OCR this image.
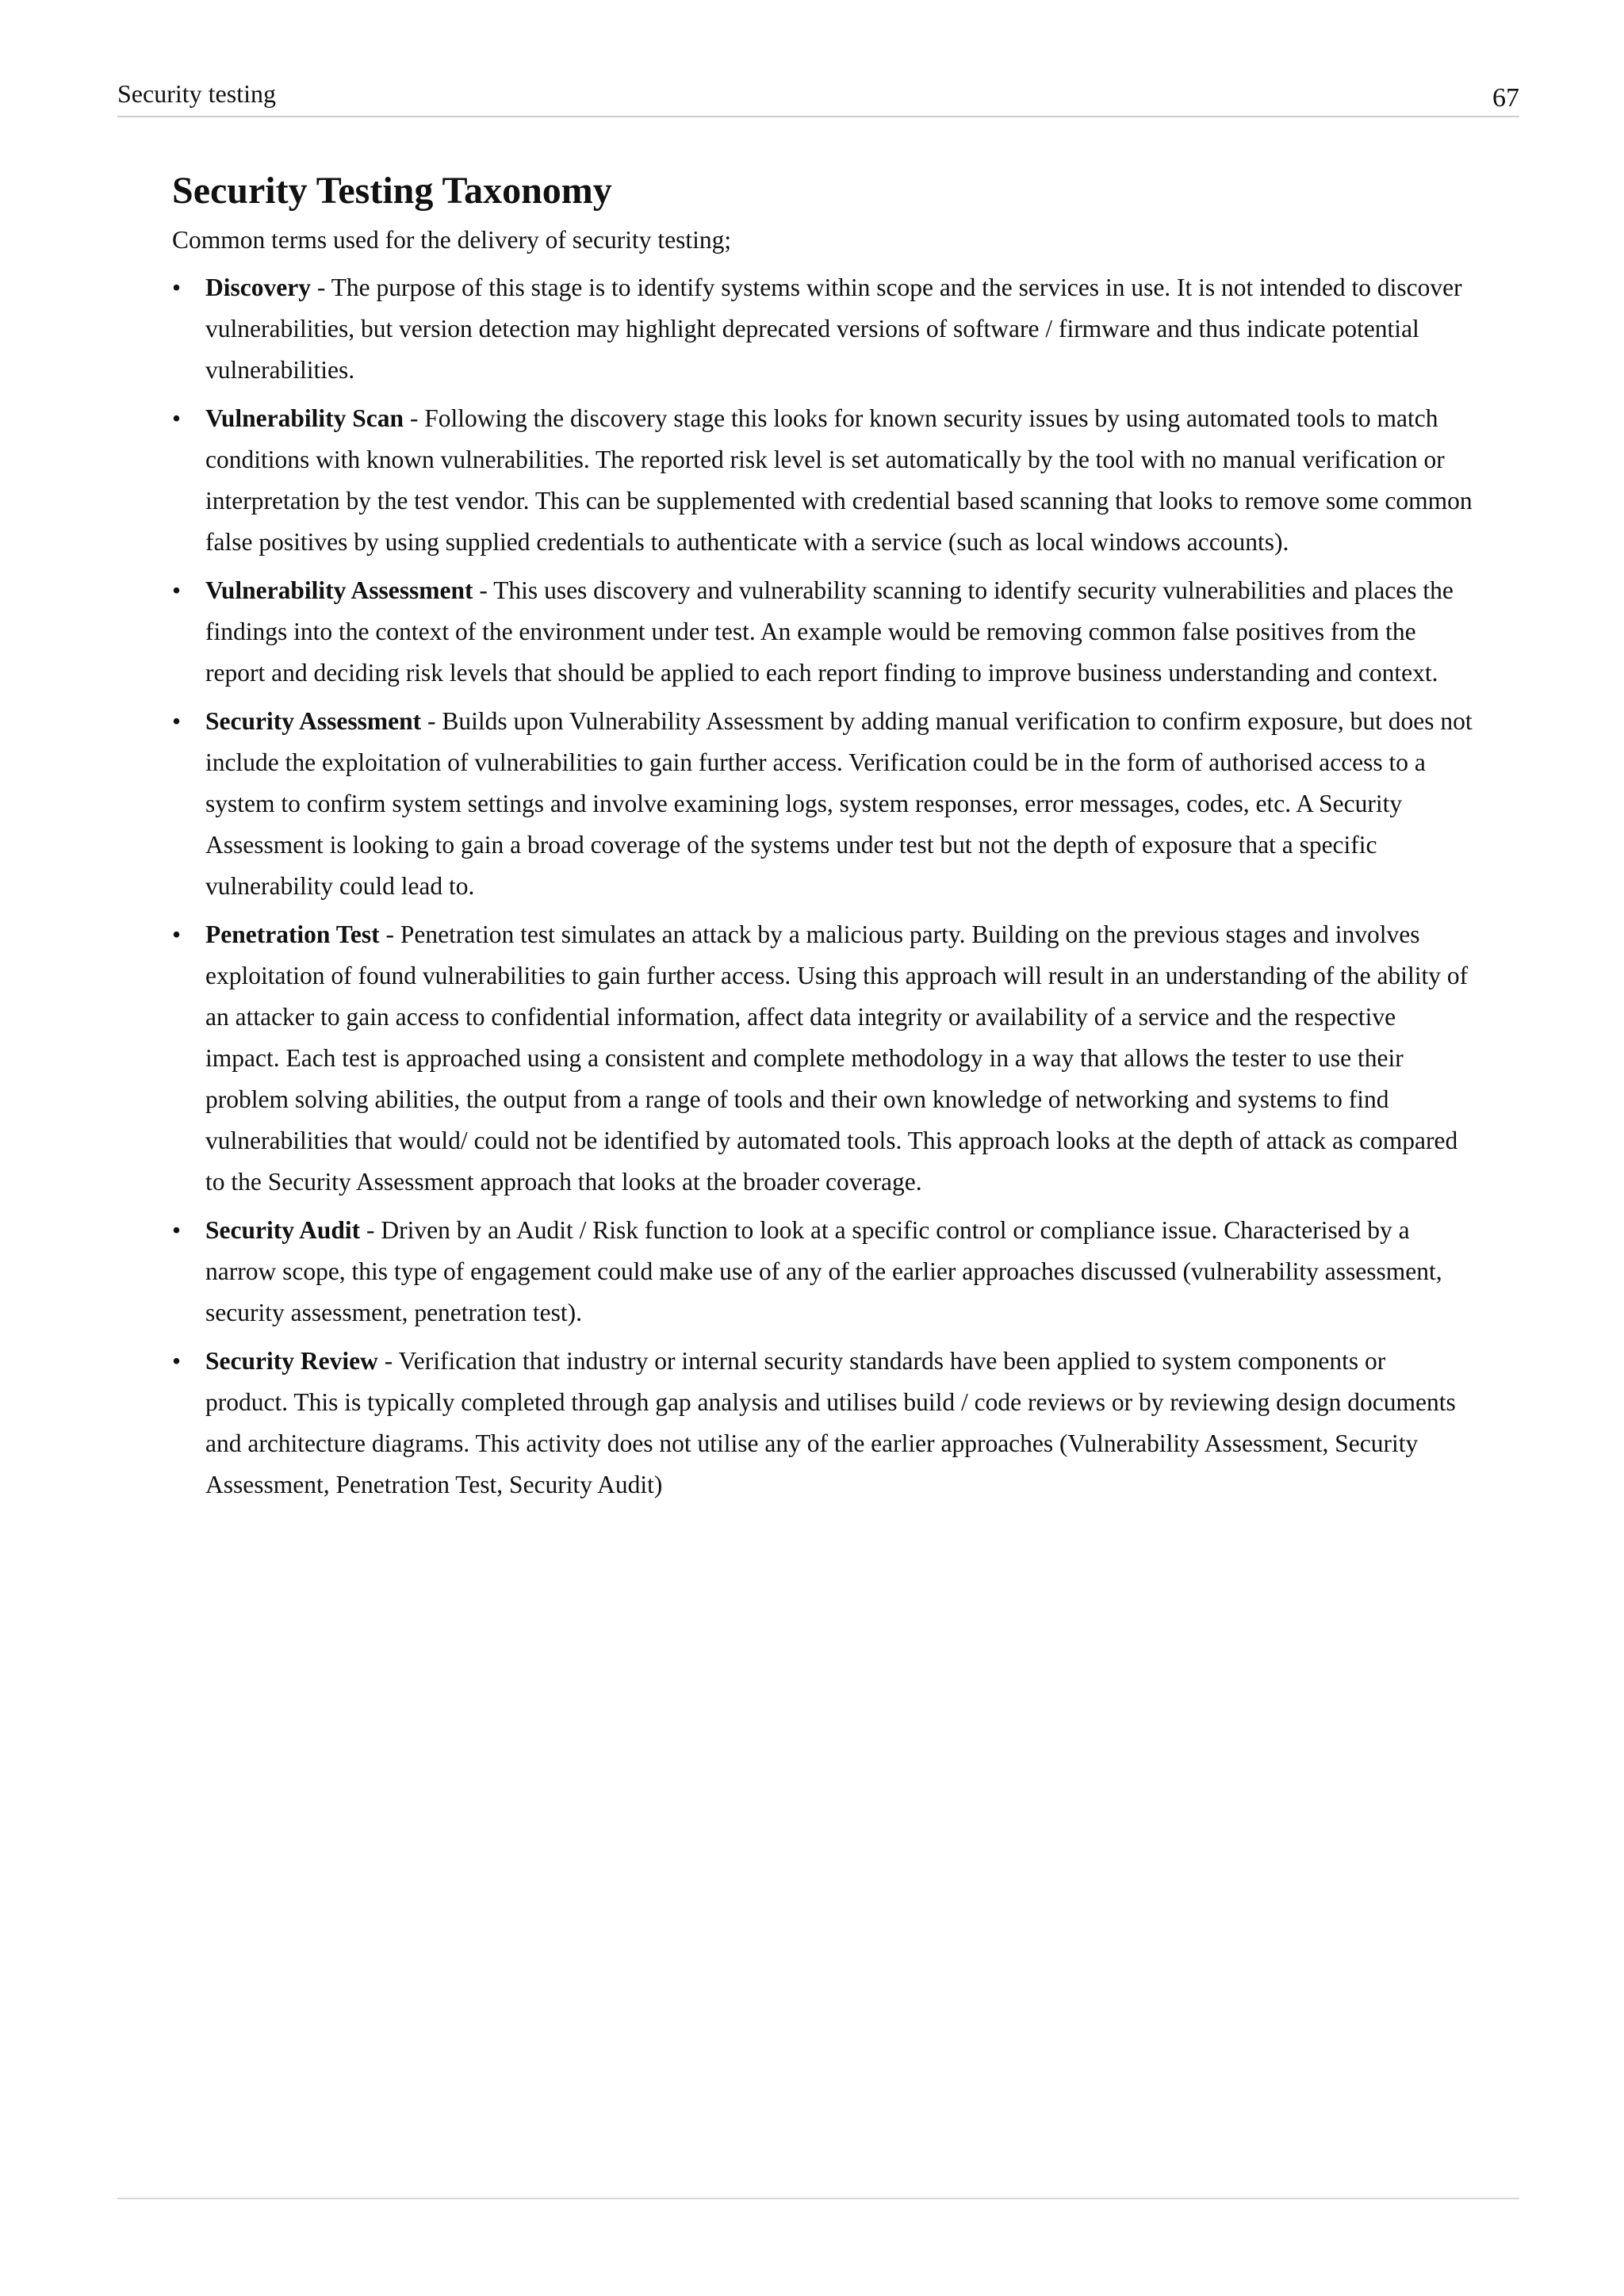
Security testing	67
Security Testing Taxonomy

Common terms used for the delivery of security testing;

• Discovery - The purpose of this stage is to identify systems within scope and the services in use. It is not intended to discover vulnerabilities, but version detection may highlight deprecated versions of software / firmware and thus indicate potential vulnerabilities.
• Vulnerability Scan - Following the discovery stage this looks for known security issues by using automated tools to match conditions with known vulnerabilities. The reported risk level is set automatically by the tool with no manual verification or interpretation by the test vendor. This can be supplemented with credential based scanning that looks to remove some common false positives by using supplied credentials to authenticate with a service (such as local windows accounts).
• Vulnerability Assessment - This uses discovery and vulnerability scanning to identify security vulnerabilities and places the findings into the context of the environment under test. An example would be removing common false positives from the report and deciding risk levels that should be applied to each report finding to improve business understanding and context.
• Security Assessment - Builds upon Vulnerability Assessment by adding manual verification to confirm exposure, but does not include the exploitation of vulnerabilities to gain further access. Verification could be in the form of authorised access to a system to confirm system settings and involve examining logs, system responses, error messages, codes, etc. A Security Assessment is looking to gain a broad coverage of the systems under test but not the depth of exposure that a specific vulnerability could lead to.
• Penetration Test - Penetration test simulates an attack by a malicious party. Building on the previous stages and involves exploitation of found vulnerabilities to gain further access. Using this approach will result in an understanding of the ability of an attacker to gain access to confidential information, affect data integrity or availability of a service and the respective impact. Each test is approached using a consistent and complete methodology in a way that allows the tester to use their problem solving abilities, the output from a range of tools and their own knowledge of networking and systems to find vulnerabilities that would/ could not be identified by automated tools. This approach looks at the depth of attack as compared to the Security Assessment approach that looks at the broader coverage.
• Security Audit - Driven by an Audit / Risk function to look at a specific control or compliance issue. Characterised by a narrow scope, this type of engagement could make use of any of the earlier approaches discussed (vulnerability assessment, security assessment, penetration test).
• Security Review - Verification that industry or internal security standards have been applied to system components or product. This is typically completed through gap analysis and utilises build / code reviews or by reviewing design documents and architecture diagrams. This activity does not utilise any of the earlier approaches (Vulnerability Assessment, Security Assessment, Penetration Test, Security Audit)
